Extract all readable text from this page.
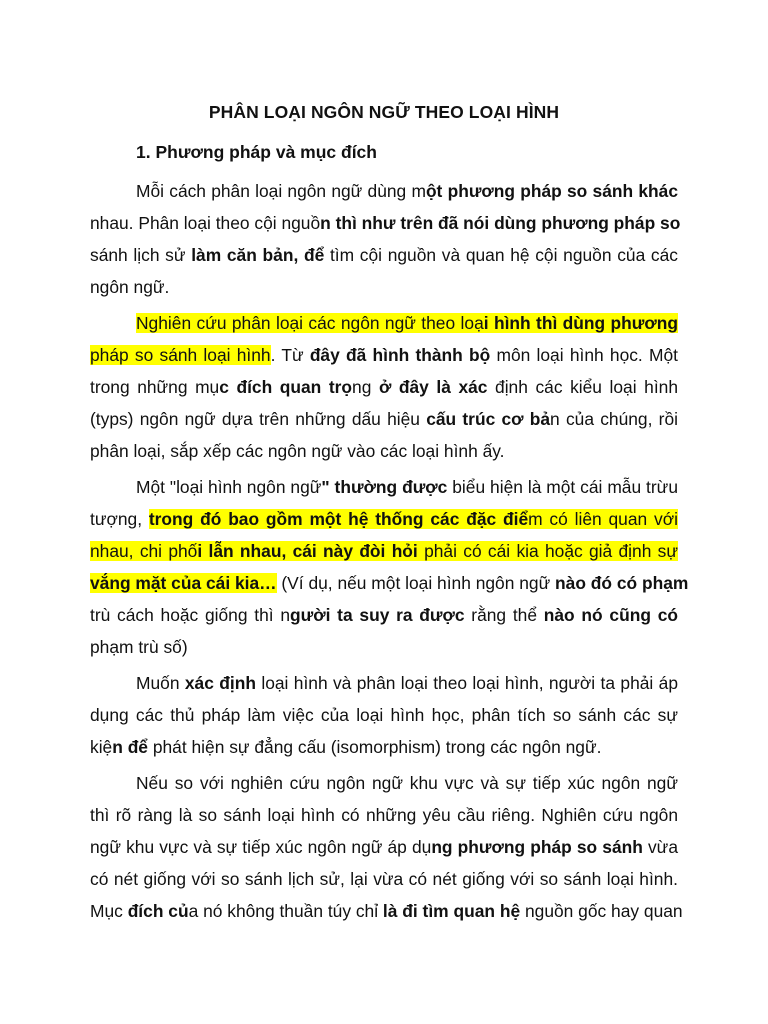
PHÂN LOẠI NGÔN NGỮ THEO LOẠI HÌNH
1. Phương pháp và mục đích
Mỗi cách phân loại ngôn ngữ dùng một phương pháp so sánh khác
nhau. Phân loại theo cội nguồn thì như trên đã nói dùng phương pháp so
sánh lịch sử làm căn bản, để tìm cội nguồn và quan hệ cội nguồn của các
ngôn ngữ.
Nghiên cứu phân loại các ngôn ngữ theo loại hình thì dùng phương
pháp so sánh loại hình. Từ đây đã hình thành bộ môn loại hình học. Một
trong những mục đích quan trọng ở đây là xác định các kiểu loại hình
(typs) ngôn ngữ dựa trên những dấu hiệu cấu trúc cơ bản của chúng, rồi
phân loại, sắp xếp các ngôn ngữ vào các loại hình ấy.
Một "loại hình ngôn ngữ" thường được biểu hiện là một cái mẫu trừu
tượng, trong đó bao gồm một hệ thống các đặc điểm có liên quan với
nhau, chi phối lẫn nhau, cái này đòi hỏi phải có cái kia hoặc giả định sự
vắng mặt của cái kia… (Ví dụ, nếu một loại hình ngôn ngữ nào đó có phạm
trù cách hoặc giống thì người ta suy ra được rằng thể nào nó cũng có
phạm trù số)
Muốn xác định loại hình và phân loại theo loại hình, người ta phải áp
dụng các thủ pháp làm việc của loại hình học, phân tích so sánh các sự
kiện để phát hiện sự đẳng cấu (isomorphism) trong các ngôn ngữ.
Nếu so với nghiên cứu ngôn ngữ khu vực và sự tiếp xúc ngôn ngữ
thì rõ ràng là so sánh loại hình có những yêu cầu riêng. Nghiên cứu ngôn
ngữ khu vực và sự tiếp xúc ngôn ngữ áp dụng phương pháp so sánh vừa
có nét giống với so sánh lịch sử, lại vừa có nét giống với so sánh loại hình.
Mục đích của nó không thuần túy chỉ là đi tìm quan hệ nguồn gốc hay quan
